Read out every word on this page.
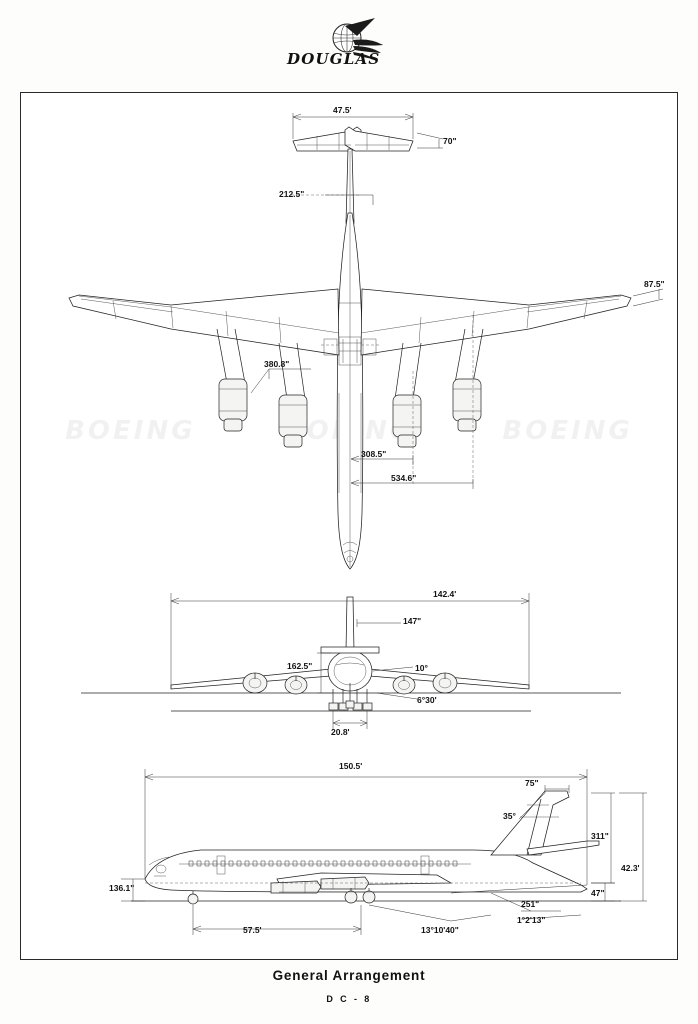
DOUGLAS
BOEING	BOEING
47.5'
70"
212.5"
87.5"
380.8"
308.5"
534.6"
142.4'
147"
162.5"	10°
6°30'
20.8'
150.5'
75"
35°
311"
42.3'
47"
136.1"
251"
1°2'13"
57.5'	13°10'40"
General Arrangement
D C - 8
